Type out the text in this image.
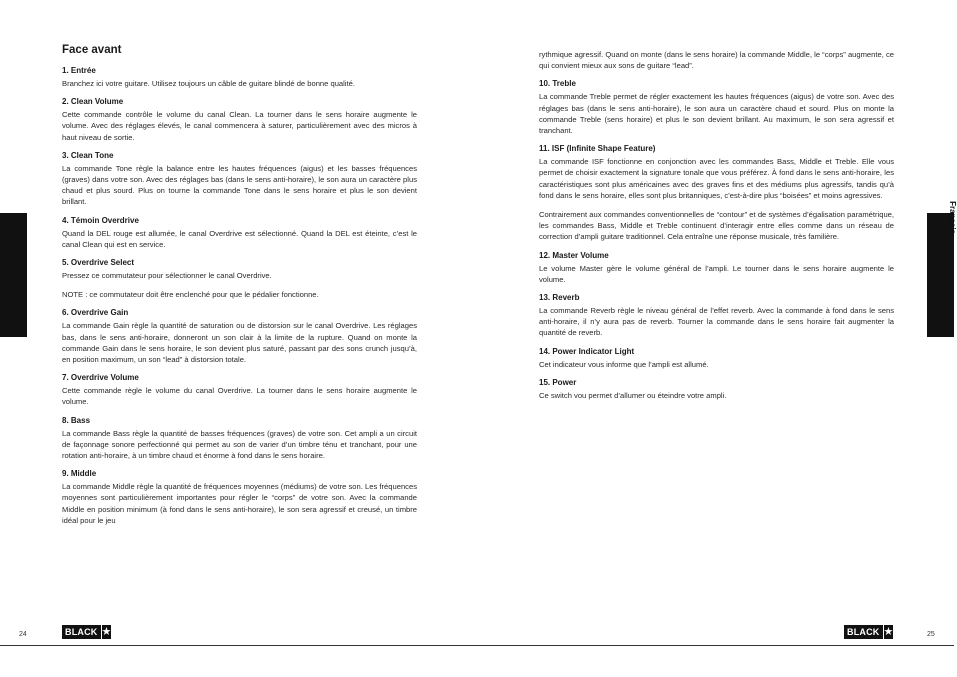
Français
Français
Face avant
1. Entrée

Branchez ici votre guitare. Utilisez toujours un câble de guitare blindé de bonne qualité.

2. Clean Volume

Cette commande contrôle le volume du canal Clean. La tourner dans le sens horaire augmente le volume. Avec des réglages élevés, le canal commencera à saturer, particulièrement avec des micros à haut niveau de sortie.

3. Clean Tone

La commande Tone règle la balance entre les hautes fréquences (aigus) et les basses fréquences (graves) dans votre son. Avec des réglages bas (dans le sens anti-horaire), le son aura un caractère plus chaud et plus sourd. Plus on tourne la commande Tone dans le sens horaire et plus le son devient brillant.

4. Témoin Overdrive

Quand la DEL rouge est allumée, le canal Overdrive est sélectionné. Quand la DEL est éteinte, c’est le canal Clean qui est en service.

5. Overdrive Select

Pressez ce commutateur pour sélectionner le canal Overdrive.

NOTE : ce commutateur doit être enclenché pour que le pédalier fonctionne.

6. Overdrive Gain

La commande Gain règle la quantité de saturation ou de distorsion sur le canal Overdrive. Les réglages bas, dans le sens anti-horaire, donneront un son clair à la limite de la rupture. Quand on monte la commande Gain dans le sens horaire, le son devient plus saturé, passant par des sons crunch jusqu’à, en position maximum, un son “lead” à distorsion totale.

7. Overdrive Volume

Cette commande règle le volume du canal Overdrive. La tourner dans le sens horaire augmente le volume.

8. Bass

La commande Bass règle la quantité de basses fréquences (graves) de votre son. Cet ampli a un circuit de façonnage sonore perfectionné qui permet au son de varier d’un timbre ténu et tranchant, pour une rotation anti-horaire, à un timbre chaud et énorme à fond dans le sens horaire.

9. Middle

La commande Middle règle la quantité de fréquences moyennes (médiums) de votre son. Les fréquences moyennes sont particulièrement importantes pour régler le “corps” de votre son. Avec la commande Middle en position minimum (à fond dans le sens anti-horaire), le son sera agressif et creusé, un timbre idéal pour le jeu

rythmique agressif. Quand on monte (dans le sens horaire) la commande Middle, le “corps” augmente, ce qui convient mieux aux sons de guitare “lead”.

10. Treble

La commande Treble permet de régler exactement les hautes fréquences (aigus) de votre son. Avec des réglages bas (dans le sens anti-horaire), le son aura un caractère chaud et sourd. Plus on monte la commande Treble (sens horaire) et plus le son devient brillant. Au maximum, le son sera agressif et tranchant.

11. ISF (Infinite Shape Feature)

La commande ISF fonctionne en conjonction avec les commandes Bass, Middle et Treble. Elle vous permet de choisir exactement la signature tonale que vous préférez. À fond dans le sens anti-horaire, les caractéristiques sont plus américaines avec des graves fins et des médiums plus agressifs, tandis qu’à fond dans le sens horaire, elles sont plus britanniques, c’est-à-dire plus “boisées” et moins agressives.

Contrairement aux commandes conventionnelles de “contour” et de systèmes d’égalisation paramétrique, les commandes Bass, Middle et Treble continuent d’interagir entre elles comme dans un réseau de correction d’ampli guitare traditionnel. Cela entraîne une réponse musicale, très familière.

12. Master Volume

Le volume Master gère le volume général de l’ampli. Le tourner dans le sens horaire augmente le volume.

13. Reverb

La commande Reverb règle le niveau général de l’effet reverb. Avec la commande à fond dans le sens anti-horaire, il n’y aura pas de reverb. Tourner la commande dans le sens horaire fait augmenter la quantité de reverb.

14. Power Indicator Light

Cet indicateur vous informe que l’ampli est allumé.

15. Power

Ce switch vou permet d’allumer ou éteindre votre ampli.

24	25
BLACK ★	BLACK ★
